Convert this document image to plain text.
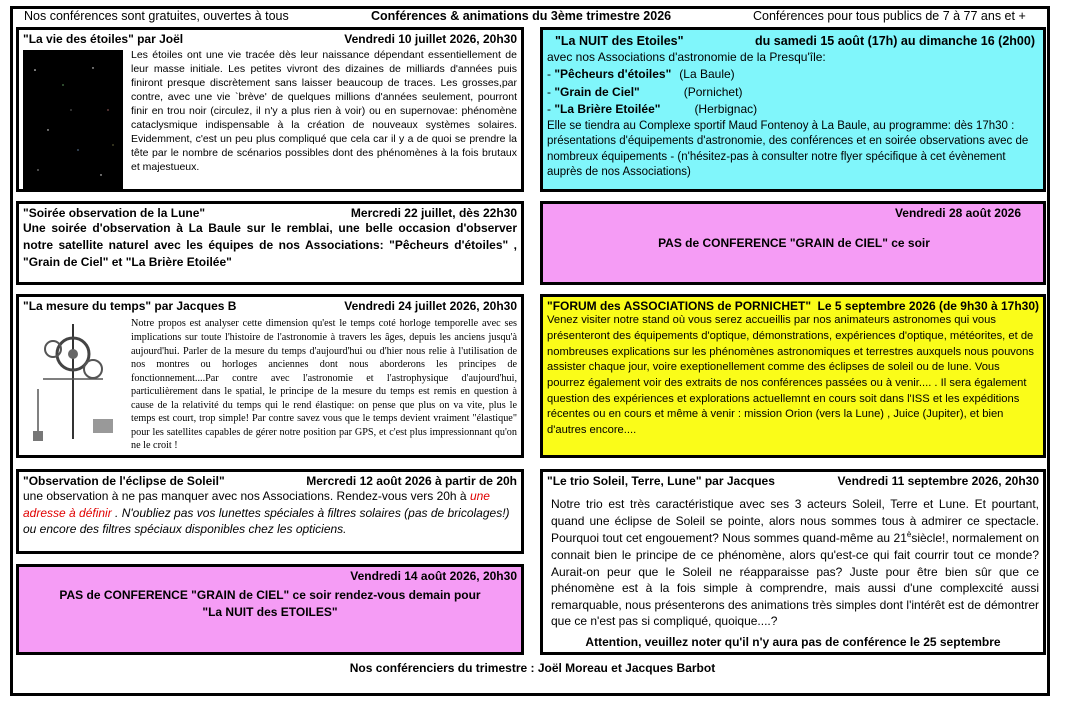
Nos conférences sont gratuites, ouvertes à tous	Conférences & animations du 3ème trimestre 2026	Conférences pour tous publics de 7 à 77 ans et +
"La vie des étoiles" par Joël	Vendredi 10 juillet 2026, 20h30

Les étoiles ont une vie tracée dès leur naissance dépendant essentiellement de leur masse initiale. Les petites vivront des dizaines de milliards d'années puis finiront presque discrètement sans laisser beaucoup de traces. Les grosses,par contre, avec une vie `brève' de quelques millions d'années seulement, pourront finir en trou noir (circulez, il n'y a plus rien à voir) ou en supernovae: phénomène cataclysmique indispensable à la création de nouveaux systèmes solaires. Evidemment, c'est un peu plus compliqué que cela car il y a de quoi se prendre la tête par le nombre de scénarios possibles dont des phénomènes à la fois brutaux et majestueux.

"La NUIT des Etoiles"	du samedi 15 août (17h) au dimanche 16 (2h00)
avec nos Associations d'astronomie de la Presqu'île:
- "Pêcheurs d'étoiles" (La Baule)
- "Grain de Ciel"	(Pornichet)
- "La Brière Etoilée"	(Herbignac)

Elle se tiendra au Complexe sportif Maud Fontenoy à La Baule, au programme: dès 17h30 : présentations d'équipements d'astronomie, des conférences et en soirée observations avec de nombreux équipements - (n'hésitez-pas à consulter notre flyer spécifique à cet évènement auprès de nos Associations)

"Soirée observation de la Lune"	Mercredi 22 juillet, dès 22h30

Une soirée d'observation à La Baule sur le remblai, une belle occasion d'observer notre satellite naturel avec les équipes de nos Associations: "Pêcheurs d'étoiles" , "Grain de Ciel" et "La Brière Etoilée"

Vendredi 28 août 2026
PAS de CONFERENCE "GRAIN de CIEL" ce soir
"La mesure du temps" par Jacques B	Vendredi 24 juillet 2026, 20h30

Notre propos est analyser cette dimension qu'est le temps coté horloge temporelle avec ses implications sur toute l'histoire de l'astronomie à travers les âges, depuis les anciens jusqu'à aujourd'hui. Parler de la mesure du temps d'aujourd'hui ou d'hier nous relie à l'utilisation de nos montres ou horloges anciennes dont nous aborderons les principes de fonctionnement....Par contre avec l'astronomie et l'astrophysique d'aujourd'hui, particulièrement dans le spatial, le principe de la mesure du temps est remis en question à cause de la relativité du temps qui le rend élastique: on pense que plus on va vite, plus le temps est court, trop simple! Par contre savez vous que le temps devient vraiment "élastique" pour les satellites capables de gérer notre position par GPS, et c'est plus impressionnant qu'on ne le croit !

"FORUM des ASSOCIATIONS de PORNICHET" Le 5 septembre 2026 (de 9h30 à 17h30)

Venez visiter notre stand où vous serez accueillis par nos animateurs astronomes qui vous présenteront des équipements d'optique, démonstrations, expériences d'optique, météorites, et de nombreuses explications sur les phénomènes astronomiques et terrestres auxquels nous pouvons assister chaque jour, voire exeptionellement comme des éclipses de soleil ou de lune. Vous pourrez également voir des extraits de nos conférences passées ou à venir.... . Il sera également question des expériences et explorations actuellemnt en cours soit dans l'ISS et les expéditions récentes ou en cours et même à venir : mission Orion (vers la Lune) , Juice (Jupiter), et bien d'autres encore....

"Observation de l'éclipse de Soleil"	Mercredi 12 août 2026 à partir de 20h

une observation à ne pas manquer avec nos Associations. Rendez-vous vers 20h à une adresse à définir . N'oubliez pas vos lunettes spéciales à filtres solaires (pas de bricolages!) ou encore des filtres spéciaux disponibles chez les opticiens.

Vendredi 14 août 2026, 20h30
PAS de CONFERENCE "GRAIN de CIEL" ce soir rendez-vous demain pour
"La NUIT des ETOILES"
"Le trio Soleil, Terre, Lune" par Jacques	Vendredi 11 septembre 2026, 20h30

Notre trio est très caractéristique avec ses 3 acteurs Soleil, Terre et Lune. Et pourtant, quand une éclipse de Soleil se pointe, alors nous sommes tous à admirer ce spectacle. Pourquoi tout cet engouement? Nous sommes quand-même au $21^èsiècle$!, normalement on connait bien le principe de ce phénomène, alors qu'est-ce qui fait courrir tout ce monde? Aurait-on peur que le Soleil ne réapparaisse pas? Juste pour être bien sûr que ce phénomène est à la fois simple à comprendre, mais aussi d'une complexcité aussi remarquable, nous présenterons des animations très simples dont l'intérêt est de démontrer que ce n'est pas si compliqué, quoique....?

Attention, veuillez noter qu'il n'y aura pas de conférence le 25 septembre
Nos conférenciers du trimestre : Joël Moreau et Jacques Barbot
